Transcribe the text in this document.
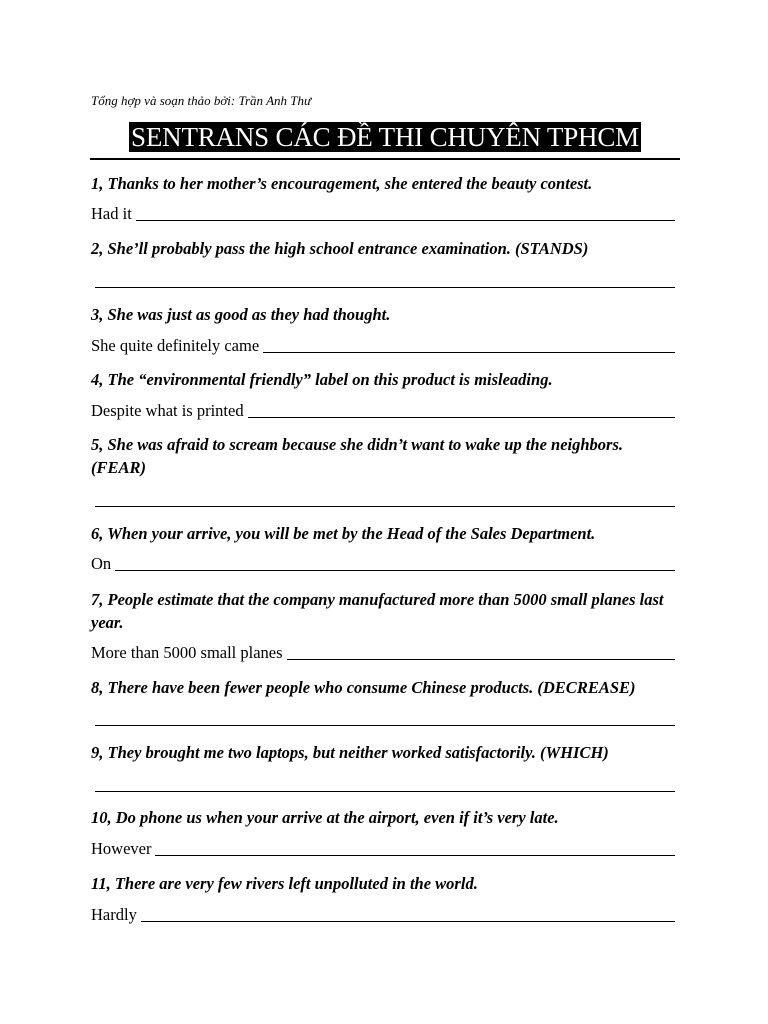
Tổng hợp và soạn thảo bởi: Trần Anh Thư
SENTRANS CÁC ĐỀ THI CHUYÊN TPHCM
1, Thanks to her mother’s encouragement, she entered the beauty contest.
Had it
2, She’ll probably pass the high school entrance examination. (STANDS)
3, She was just as good as they had thought.
She quite definitely came
4, The “environmental friendly” label on this product is misleading.
Despite what is printed
5, She was afraid to scream because she didn’t want to wake up the neighbors. (FEAR)
6, When your arrive, you will be met by the Head of the Sales Department.
On
7, People estimate that the company manufactured more than 5000 small planes last year.
More than 5000 small planes
8, There have been fewer people who consume Chinese products. (DECREASE)
9, They brought me two laptops, but neither worked satisfactorily. (WHICH)
10, Do phone us when your arrive at the airport, even if it’s very late.
However
11, There are very few rivers left unpolluted in the world.
Hardly
